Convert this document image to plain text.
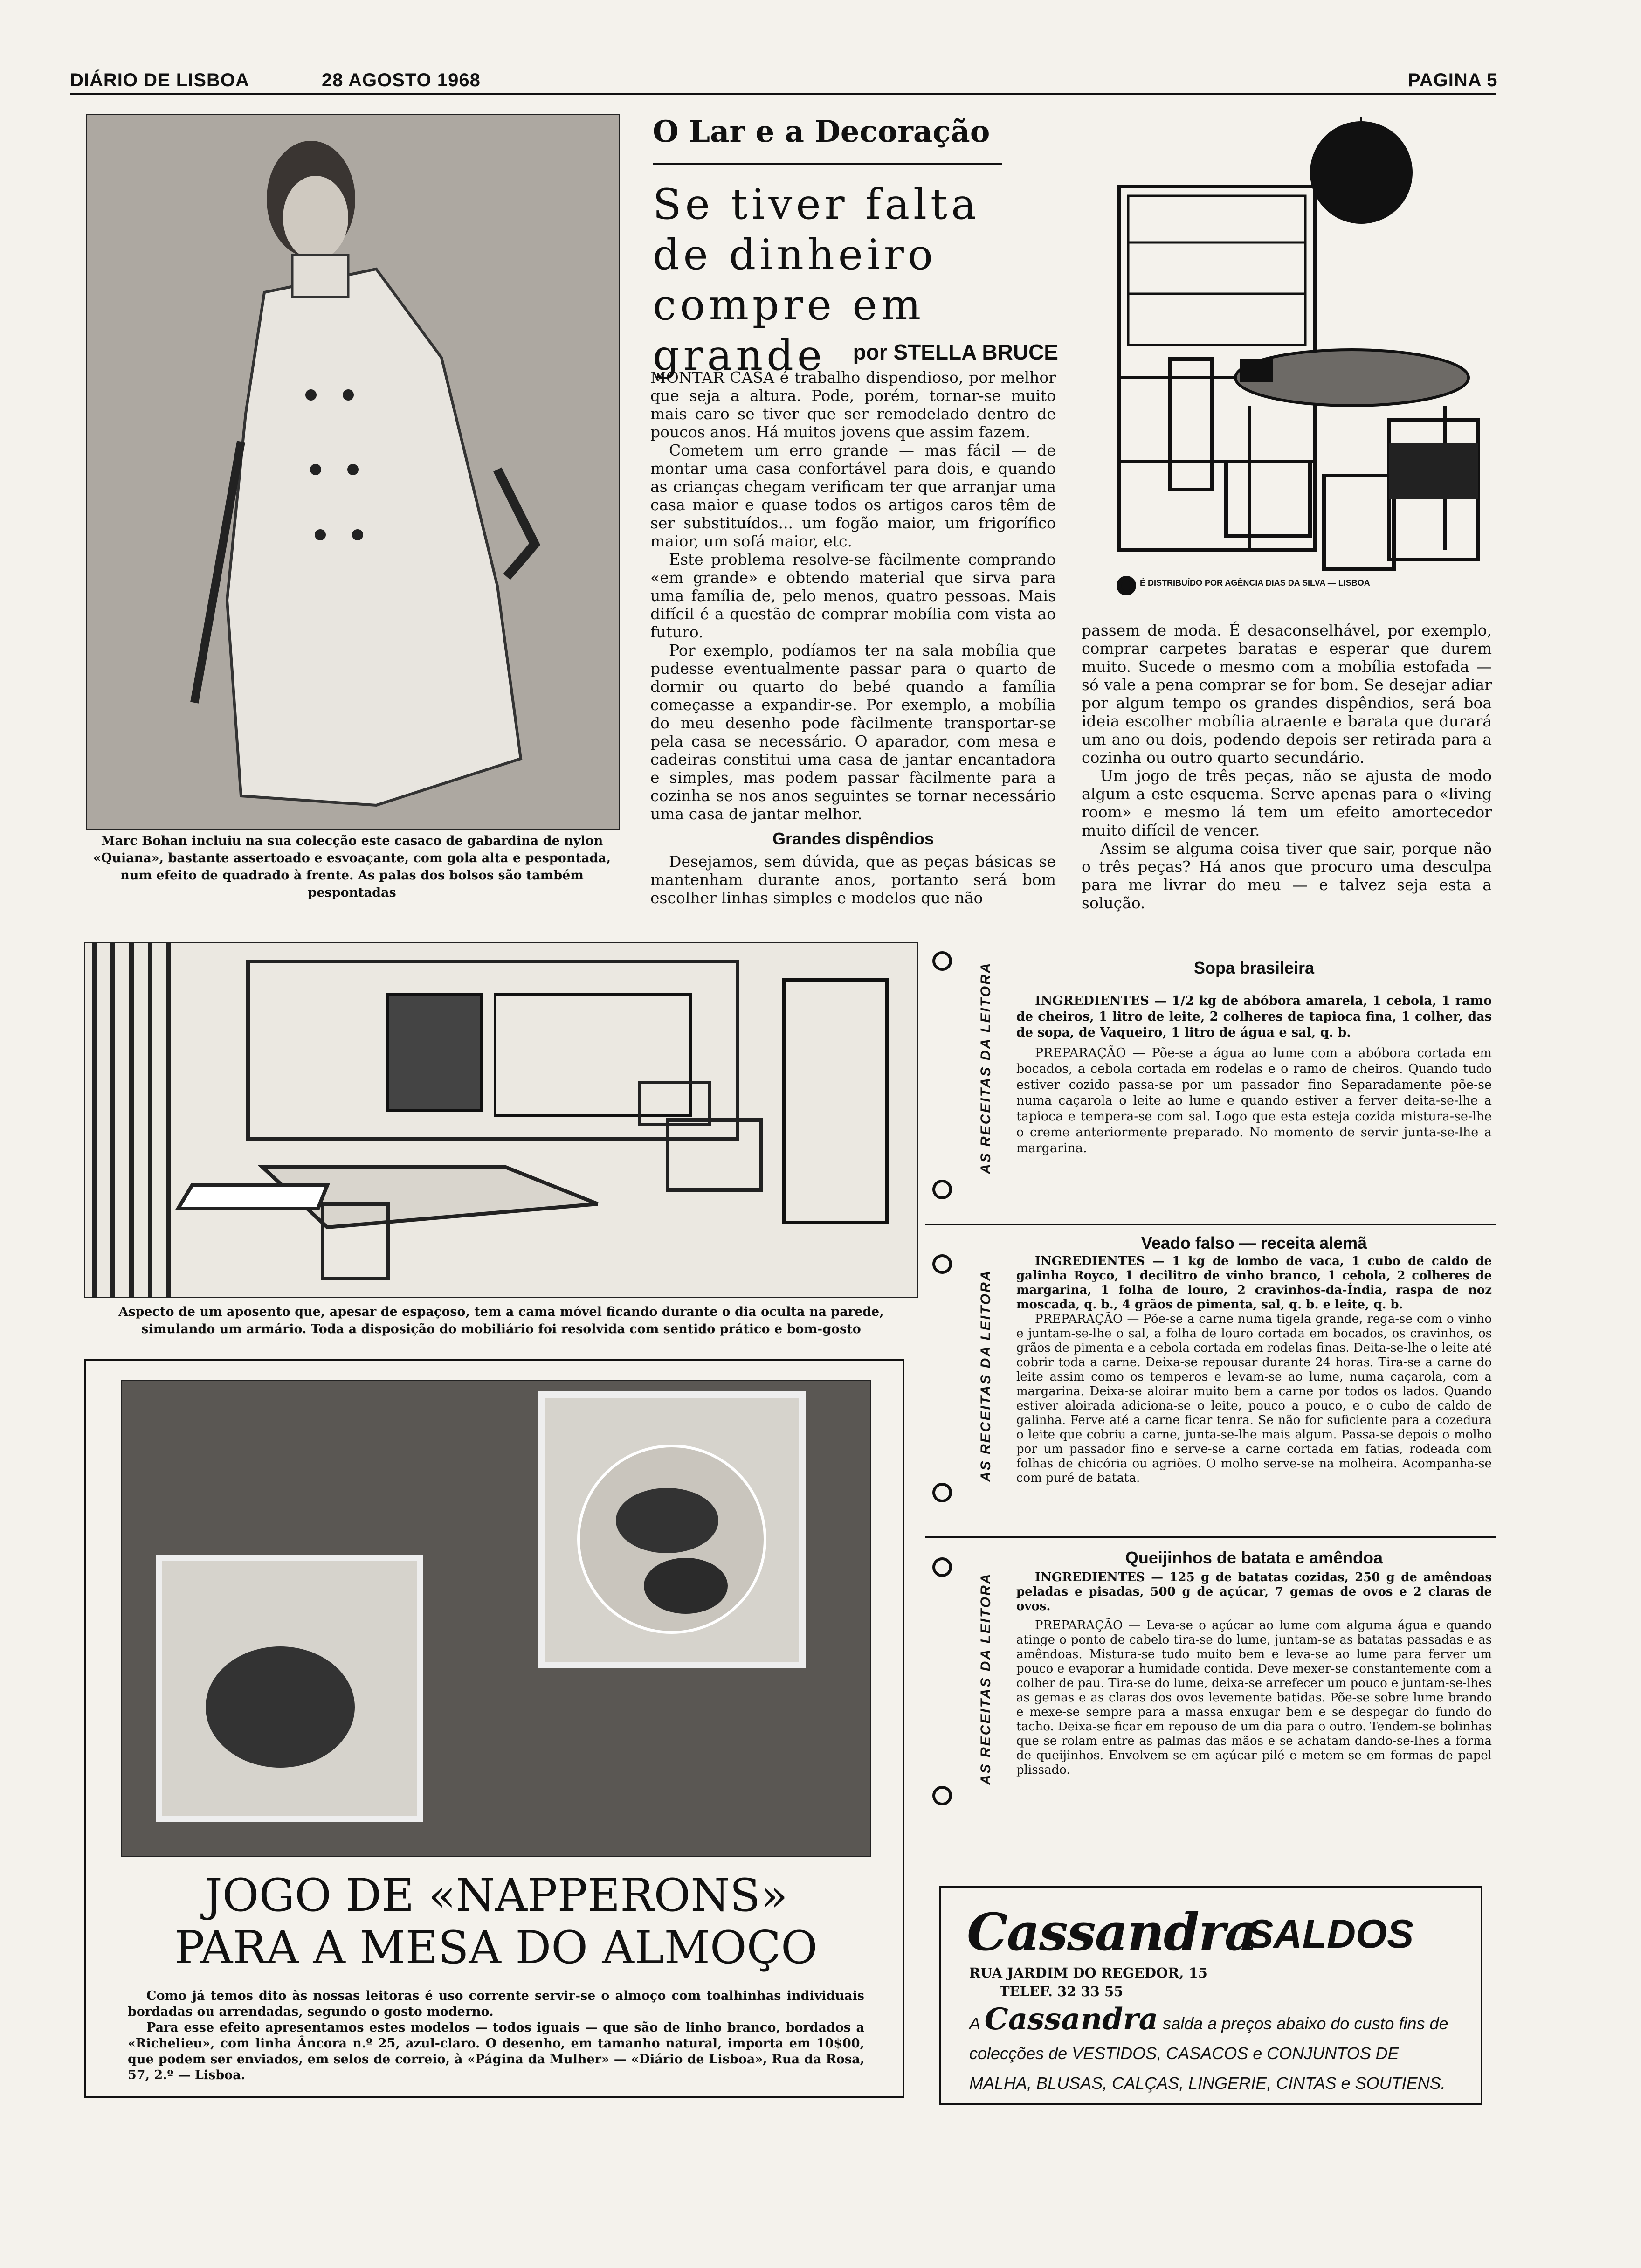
DIÁRIO DE LISBOA	28 AGOSTO 1968	PAGINA 5
Marc Bohan incluiu na sua colecção este casaco de gabardina de nylon «Quiana», bastante assertoado e esvoaçante, com gola alta e pespontada, num efeito de quadrado à frente. As palas dos bolsos são também pespontadas
O Lar e a Decoração
Se tiver falta
de dinheiro
compre em grande	por STELLA BRUCE

MONTAR CASA é trabalho dispendioso, por melhor que seja a altura. Pode, porém, tornar-se muito mais caro se tiver que ser remodelado dentro de poucos anos. Há muitos jovens que assim fazem.

Cometem um erro grande — mas fácil — de montar uma casa confortável para dois, e quando as crianças chegam verificam ter que arranjar uma casa maior e quase todos os artigos caros têm de ser substituídos... um fogão maior, um frigorífico maior, um sofá maior, etc.

Este problema resolve-se fàcilmente comprando «em grande» e obtendo material que sirva para uma família de, pelo menos, quatro pessoas. Mais difícil é a questão de comprar mobília com vista ao futuro.

Por exemplo, podíamos ter na sala mobília que pudesse eventualmente passar para o quarto de dormir ou quarto do bebé quando a família começasse a expandir-se. Por exemplo, a mobília do meu desenho pode fàcilmente transportar-se pela casa se necessário. O aparador, com mesa e cadeiras constitui uma casa de jantar encantadora e simples, mas podem passar fàcilmente para a cozinha se nos anos seguintes se tornar necessário uma casa de jantar melhor.

Grandes dispêndios

Desejamos, sem dúvida, que as peças básicas se mantenham durante anos, portanto será bom escolher linhas simples e modelos que não

É DISTRIBUÍDO POR AGÊNCIA DIAS DA SILVA — LISBOA

passem de moda. É desaconselhável, por exemplo, comprar carpetes baratas e esperar que durem muito. Sucede o mesmo com a mobília estofada — só vale a pena comprar se for bom. Se desejar adiar por algum tempo os grandes dispêndios, será boa ideia escolher mobília atraente e barata que durará um ano ou dois, podendo depois ser retirada para a cozinha ou outro quarto secundário.

Um jogo de três peças, não se ajusta de modo algum a este esquema. Serve apenas para o «living room» e mesmo lá tem um efeito amortecedor muito difícil de vencer.

Assim se alguma coisa tiver que sair, porque não o três peças? Há anos que procuro uma desculpa para me livrar do meu — e talvez seja esta a solução.

Aspecto de um aposento que, apesar de espaçoso, tem a cama móvel ficando durante o dia oculta na parede, simulando um armário. Toda a disposição do mobiliário foi resolvida com sentido prático e bom-gosto
JOGO DE «NAPPERONS»
PARA A MESA DO ALMOÇO

Como já temos dito às nossas leitoras é uso corrente servir-se o almoço com toalhinhas individuais bordadas ou arrendadas, segundo o gosto moderno.

Para esse efeito apresentamos estes modelos — todos iguais — que são de linho branco, bordados a «Richelieu», com linha Âncora n.º 25, azul-claro. O desenho, em tamanho natural, importa em 10$00, que podem ser enviados, em selos de correio, à «Página da Mulher» — «Diário de Lisboa», Rua da Rosa, 57, 2.º — Lisboa.

AS RECEITAS DA LEITORA	Sopa brasileira

INGREDIENTES — 1/2 kg de abóbora amarela, 1 cebola, 1 ramo de cheiros, 1 litro de leite, 2 colheres de tapioca fina, 1 colher, das de sopa, de Vaqueiro, 1 litro de água e sal, q. b.

PREPARAÇÃO — Põe-se a água ao lume com a abóbora cortada em bocados, a cebola cortada em rodelas e o ramo de cheiros. Quando tudo estiver cozido passa-se por um passador fino Separadamente põe-se numa caçarola o leite ao lume e quando estiver a ferver deita-se-lhe a tapioca e tempera-se com sal. Logo que esta esteja cozida mistura-se-lhe o creme anteriormente preparado. No momento de servir junta-se-lhe a margarina.

AS RECEITAS DA LEITORA
Veado falso — receita alemã

INGREDIENTES — 1 kg de lombo de vaca, 1 cubo de caldo de galinha Royco, 1 decilitro de vinho branco, 1 cebola, 2 colheres de margarina, 1 folha de louro, 2 cravinhos-da-Índia, raspa de noz moscada, q. b., 4 grãos de pimenta, sal, q. b. e leite, q. b.

PREPARAÇÃO — Põe-se a carne numa tigela grande, rega-se com o vinho e juntam-se-lhe o sal, a folha de louro cortada em bocados, os cravinhos, os grãos de pimenta e a cebola cortada em rodelas finas. Deita-se-lhe o leite até cobrir toda a carne. Deixa-se repousar durante 24 horas. Tira-se a carne do leite assim como os temperos e levam-se ao lume, numa caçarola, com a margarina. Deixa-se aloirar muito bem a carne por todos os lados. Quando estiver aloirada adiciona-se o leite, pouco a pouco, e o cubo de caldo de galinha. Ferve até a carne ficar tenra. Se não for suficiente para a cozedura o leite que cobriu a carne, junta-se-lhe mais algum. Passa-se depois o molho por um passador fino e serve-se a carne cortada em fatias, rodeada com folhas de chicória ou agriões. O molho serve-se na molheira. Acompanha-se com puré de batata.

AS RECEITAS DA LEITORA
Queijinhos de batata e amêndoa

INGREDIENTES — 125 g de batatas cozidas, 250 g de amêndoas peladas e pisadas, 500 g de açúcar, 7 gemas de ovos e 2 claras de ovos.

PREPARAÇÃO — Leva-se o açúcar ao lume com alguma água e quando atinge o ponto de cabelo tira-se do lume, juntam-se as batatas passadas e as amêndoas. Mistura-se tudo muito bem e leva-se ao lume para ferver um pouco e evaporar a humidade contida. Deve mexer-se constantemente com a colher de pau. Tira-se do lume, deixa-se arrefecer um pouco e juntam-se-lhes as gemas e as claras dos ovos levemente batidas. Põe-se sobre lume brando e mexe-se sempre para a massa enxugar bem e se despegar do fundo do tacho. Deixa-se ficar em repouso de um dia para o outro. Tendem-se bolinhas que se rolam entre as palmas das mãos e se achatam dando-se-lhes a forma de queijinhos. Envolvem-se em açúcar pilé e metem-se em formas de papel plissado.

Cassandra
SALDOS
RUA JARDIM DO REGEDOR, 15
TELEF. 32 33 55
A Cassandra salda a preços abaixo do custo fins de colecções de VESTIDOS, CASACOS e CONJUNTOS DE MALHA, BLUSAS, CALÇAS, LINGERIE, CINTAS e SOUTIENS.
